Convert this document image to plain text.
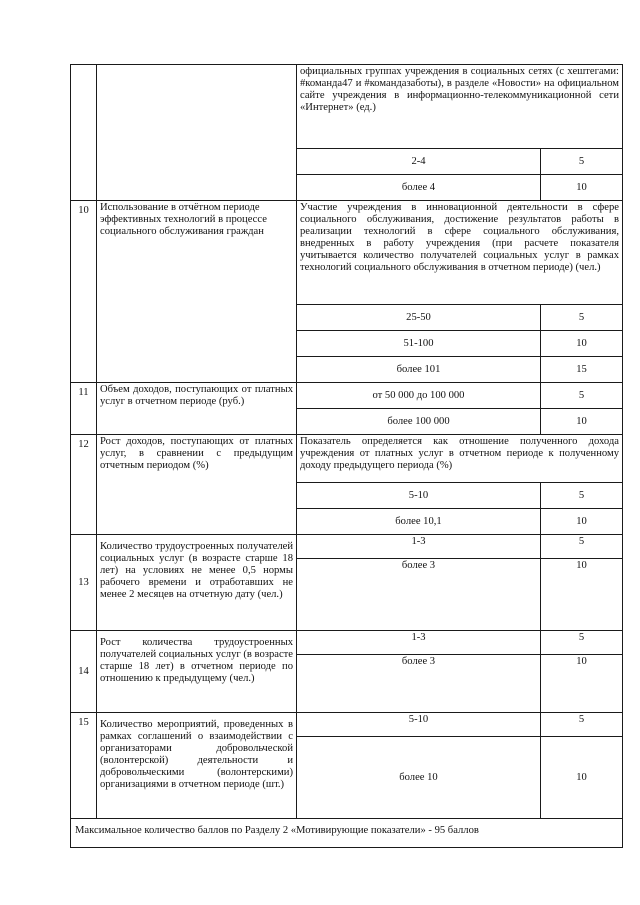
		официальных группах учреждения в социальных сетях (с хештегами: #команда47 и #командазаботы), в разделе «Новости» на официальном сайте учреждения в информационно-телекоммуникационной сети «Интернет» (ед.)	
		2-4	5
		более 4	10
10	Использование в отчётном периоде эффективных технологий в процессе социального обслуживания граждан	Участие учреждения в инновационной деятельности в сфере социального обслуживания, достижение результатов работы в реализации технологий в сфере социального обслуживания, внедренных в работу учреждения (при расчете показателя учитывается количество получателей социальных услуг в рамках технологий социального обслуживания в отчетном периоде) (чел.)	
		25-50	5
		51-100	10
		более 101	15
11	Объем доходов, поступающих от платных услуг в отчетном периоде (руб.)	от 50 000 до 100 000	5
		более 100 000	10
12	Рост доходов, поступающих от платных услуг, в сравнении с предыдущим отчетным периодом (%)	Показатель определяется как отношение полученного дохода учреждения от платных услуг в отчетном периоде к полученному доходу предыдущего периода (%)	
		5-10	5
		более 10,1	10
13	Количество трудоустроенных получателей социальных услуг (в возрасте старше 18 лет) на условиях не менее 0,5 нормы рабочего времени и отработавших не менее 2 месяцев на отчетную дату (чел.)	1-3	5
		более 3	10
14	Рост количества трудоустроенных получателей социальных услуг (в возрасте старше 18 лет) в отчетном периоде по отношению к предыдущему (чел.)	1-3	5
		более 3	10
15	Количество мероприятий, проведенных в рамках соглашений о взаимодействии с организаторами добровольческой (волонтерской) деятельности и добровольческими (волонтерскими) организациями в отчетном периоде (шт.)	5-10	5
		более 10	10
Максимальное количество баллов по Разделу 2 «Мотивирующие показатели» - 95 баллов			
